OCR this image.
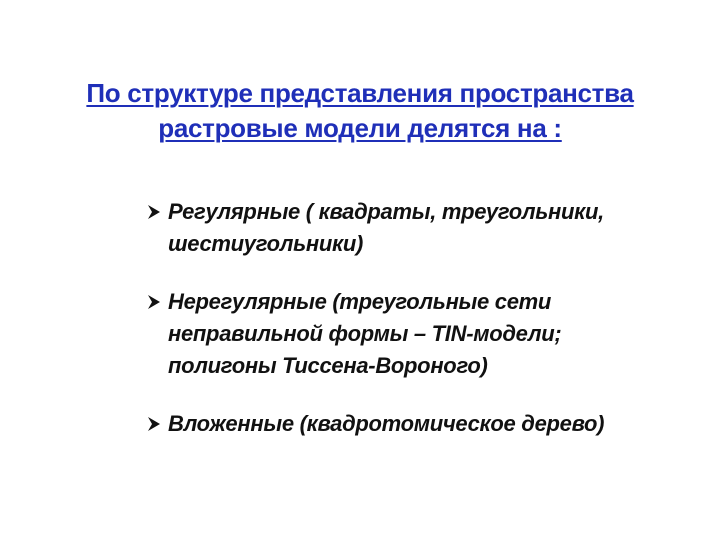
По структуре представления пространства
растровые модели делятся на :
Регулярные ( квадраты, треугольники,
шестиугольники)
Нерегулярные (треугольные сети
неправильной формы – TIN-модели;
полигоны Тиссена-Вороного)
Вложенные (квадротомическое дерево)
